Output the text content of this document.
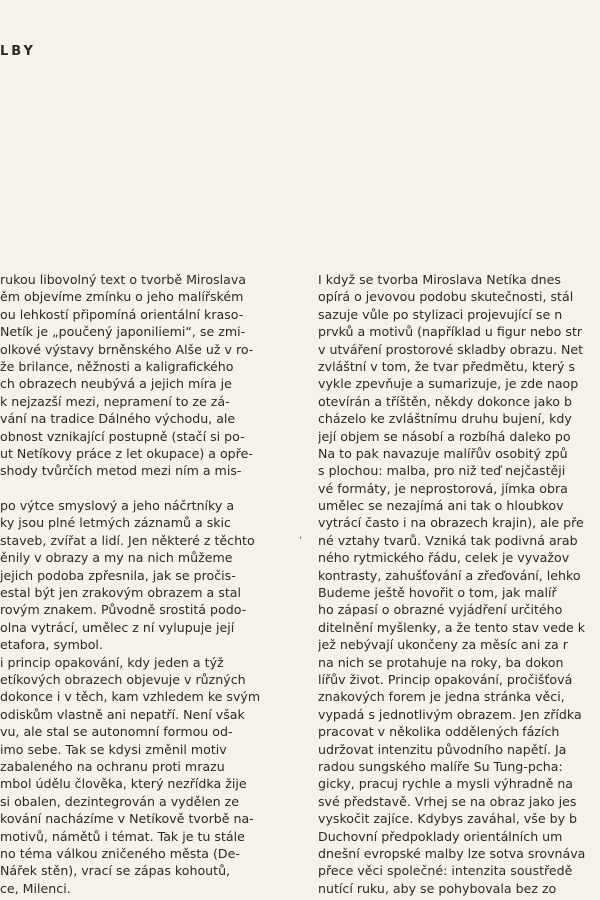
LBY
rukou libovolný text o tvorbě Miroslava
ěm objevíme zmínku o jeho malířském
ou lehkostí připomíná orientální kraso-
Netík je „poučený japoniliemi“, se zmi-
olkové výstavy brněnského Alše už v ro-
že brilance, něžnosti a kaligrafického
ch obrazech neubývá a jejich míra je
k nejzazší mezi, nepramení to ze zá-
vání na tradice Dálného východu, ale
obnost vznikající postupně (stačí si po-
ut Netíkovy práce z let okupace) a opře-
shody tvůrčích metod mezi ním a mis-
po výtce smyslový a jeho náčrtníky a
ky jsou plné letmých záznamů a skic
staveb, zvířat a lidí. Jen některé z těchto
ěnily v obrazy a my na nich můžeme
jejich podoba zpřesnila, jak se pročis-
estal být jen zrakovým obrazem a stal
rovým znakem. Původně srostitá podo-
olna vytrácí, umělec z ní vylupuje její
etafora, symbol.
i princip opakování, kdy jeden a týž
etíkových obrazech objevuje v různých
dokonce i v těch, kam vzhledem ke svým
odiskům vlastně ani nepatří. Není však
vu, ale stal se autonomní formou od-
imo sebe. Tak se kdysi změnil motiv
zabaleného na ochranu proti mrazu
mbol údělu člověka, který nezřídka žije
si obalen, dezintegrován a vydělen ze
kování nacházíme v Netíkově tvorbě na-
motivů, námětů i témat. Tak je tu stále
no téma válkou zničeného města (De-
Nářek stěn), vrací se zápas kohoutů,
ce, Milenci.
,
I když se tvorba Miroslava Netíka dnes
opírá o jevovou podobu skutečnosti, stál
sazuje vůle po stylizaci projevující se n
prvků a motivů (například u figur nebo str
v utváření prostorové skladby obrazu. Net
zvláštní v tom, že tvar předmětu, který s
vykle zpevňuje a sumarizuje, je zde naop
otevírán a tříštěn, někdy dokonce jako b
cházelo ke zvláštnímu druhu bujení, kdy
její objem se násobí a rozbíhá daleko po
Na to pak navazuje malířův osobitý způ
s plochou: malba, pro niž teď nejčastěji
vé formáty, je neprostorová, jímka obra
umělec se nezajímá ani tak o hloubkov
vytrácí často i na obrazech krajin), ale pře
né vztahy tvarů. Vzniká tak podivná arab
ného rytmického řádu, celek je vyvažov
kontrasty, zahušťování a zřeďování, lehko
Budeme ještě hovořit o tom, jak malíř
ho zápasí o obrazné vyjádření určitého
ditelnění myšlenky, a že tento stav vede k
jež nebývají ukončeny za měsíc ani za r
na nich se protahuje na roky, ba dokon
lířův život. Princip opakování, pročišťová
znakových forem je jedna stránka věci,
vypadá s jednotlivým obrazem. Jen zřídka
pracovat v několika oddělených fázích
udržovat intenzitu původního napětí. Ja
radou sungského malíře Su Tung-pcha:
gicky, pracuj rychle a mysli výhradně na
své představě. Vrhej se na obraz jako jes
vyskočit zajíce. Kdybys zaváhal, vše by b
Duchovní předpoklady orientálních um
dnešní evropské malby lze sotva srovnáva
přece věci společné: intenzita soustředě
nutící ruku, aby se pohybovala bez zo
